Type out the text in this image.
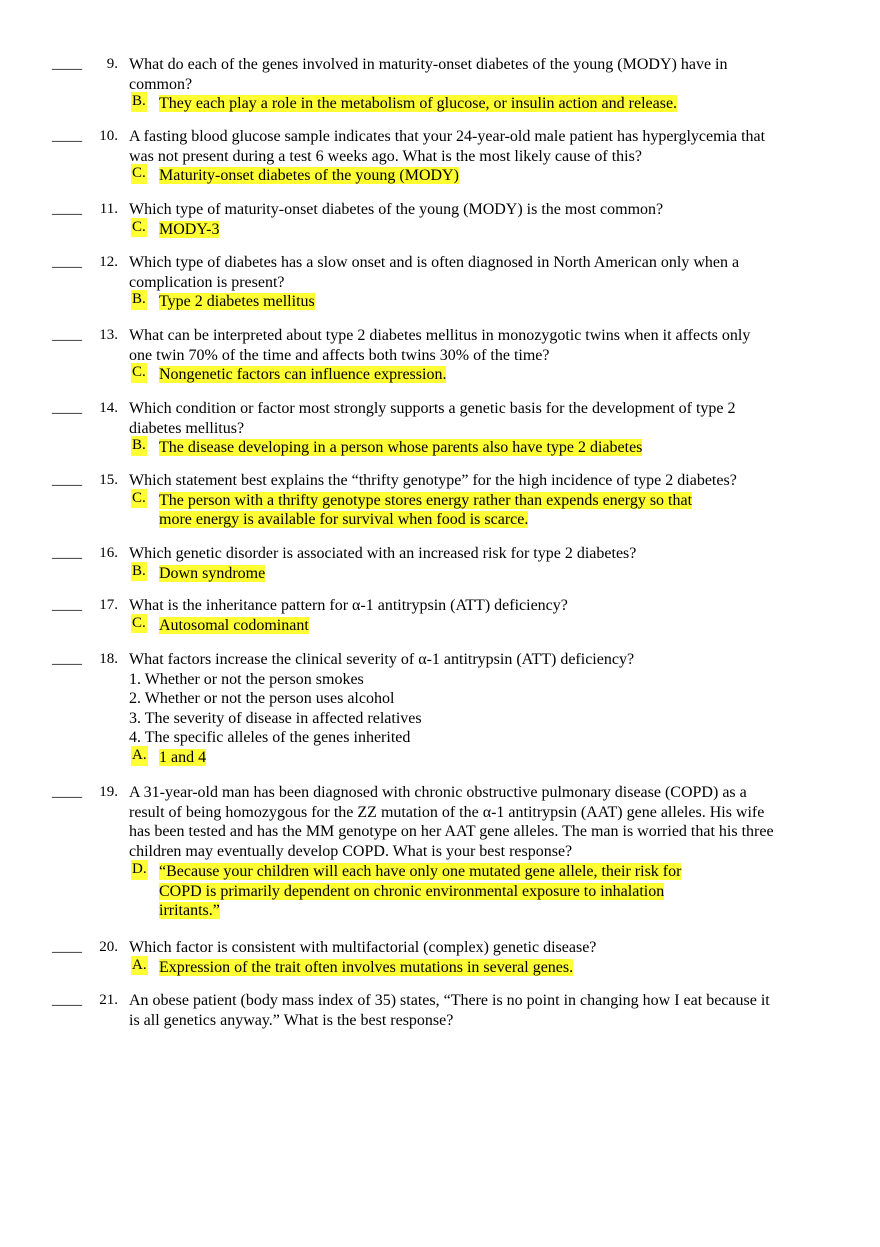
____	9. What do each of the genes involved in maturity-onset diabetes of the young (MODY) have in
common?
B. They each play a role in the metabolism of glucose, or insulin action and release.
____	10. A fasting blood glucose sample indicates that your 24-year-old male patient has hyperglycemia that
was not present during a test 6 weeks ago. What is the most likely cause of this?
C. Maturity-onset diabetes of the young (MODY)
____	11. Which type of maturity-onset diabetes of the young (MODY) is the most common?
C. MODY-3
____	12. Which type of diabetes has a slow onset and is often diagnosed in North American only when a
complication is present?
B. Type 2 diabetes mellitus
____	13. What can be interpreted about type 2 diabetes mellitus in monozygotic twins when it affects only
one twin 70% of the time and affects both twins 30% of the time?
C. Nongenetic factors can influence expression.
____	14. Which condition or factor most strongly supports a genetic basis for the development of type 2
diabetes mellitus?
B. The disease developing in a person whose parents also have type 2 diabetes
____	15. Which statement best explains the “thrifty genotype” for the high incidence of type 2 diabetes?
C. The person with a thrifty genotype stores energy rather than expends energy so that
more energy is available for survival when food is scarce.
____	16. Which genetic disorder is associated with an increased risk for type 2 diabetes?
B. Down syndrome
____	17. What is the inheritance pattern for α-1 antitrypsin (ATT) deficiency?
C. Autosomal codominant
____	18. What factors increase the clinical severity of α-1 antitrypsin (ATT) deficiency?
1. Whether or not the person smokes
2. Whether or not the person uses alcohol
3. The severity of disease in affected relatives
4. The specific alleles of the genes inherited
A. 1 and 4
____	19. A 31-year-old man has been diagnosed with chronic obstructive pulmonary disease (COPD) as a
result of being homozygous for the ZZ mutation of the α-1 antitrypsin (AAT) gene alleles. His wife
has been tested and has the MM genotype on her AAT gene alleles. The man is worried that his three
children may eventually develop COPD. What is your best response?
D. “Because your children will each have only one mutated gene allele, their risk for
COPD is primarily dependent on chronic environmental exposure to inhalation
irritants.”
____	20. Which factor is consistent with multifactorial (complex) genetic disease?
A. Expression of the trait often involves mutations in several genes.
____	21. An obese patient (body mass index of 35) states, “There is no point in changing how I eat because it
is all genetics anyway.” What is the best response?
